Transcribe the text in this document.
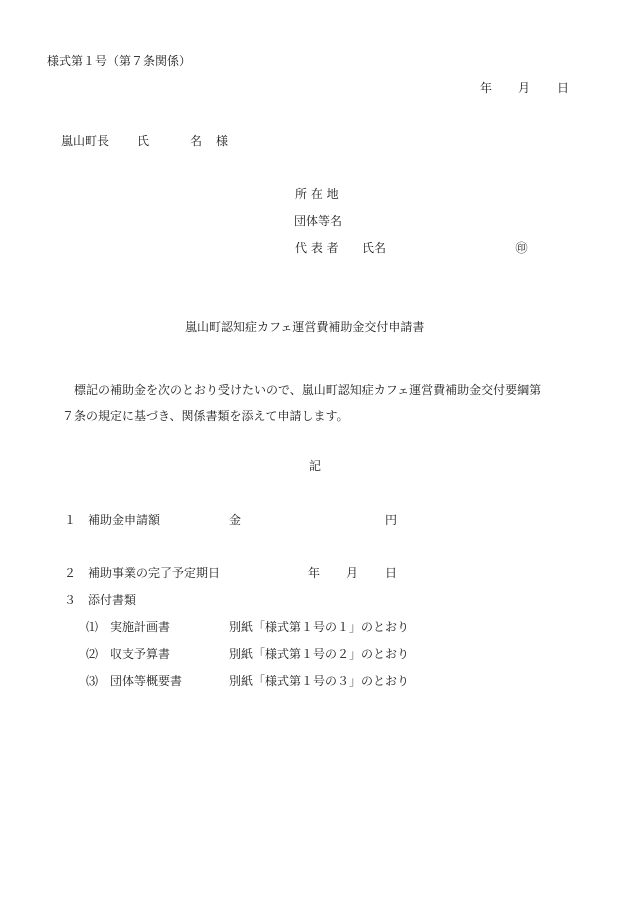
様式第１号（第７条関係）
年 月 日
嵐山町長 氏	名 様
所 在 地
団体等名
代 表 者 氏名	㊞
嵐山町認知症カフェ運営費補助金交付申請書
標記の補助金を次のとおり受けたいので、嵐山町認知症カフェ運営費補助金交付要綱第
７条の規定に基づき、関係書類を添えて申請します。
記
１ 補助金申請額	金	円
２ 補助事業の完了予定期日	年 月 日
３ 添付書類
⑴ 実施計画書	別紙「様式第１号の１」のとおり
⑵ 収支予算書	別紙「様式第１号の２」のとおり
⑶ 団体等概要書	別紙「様式第１号の３」のとおり
